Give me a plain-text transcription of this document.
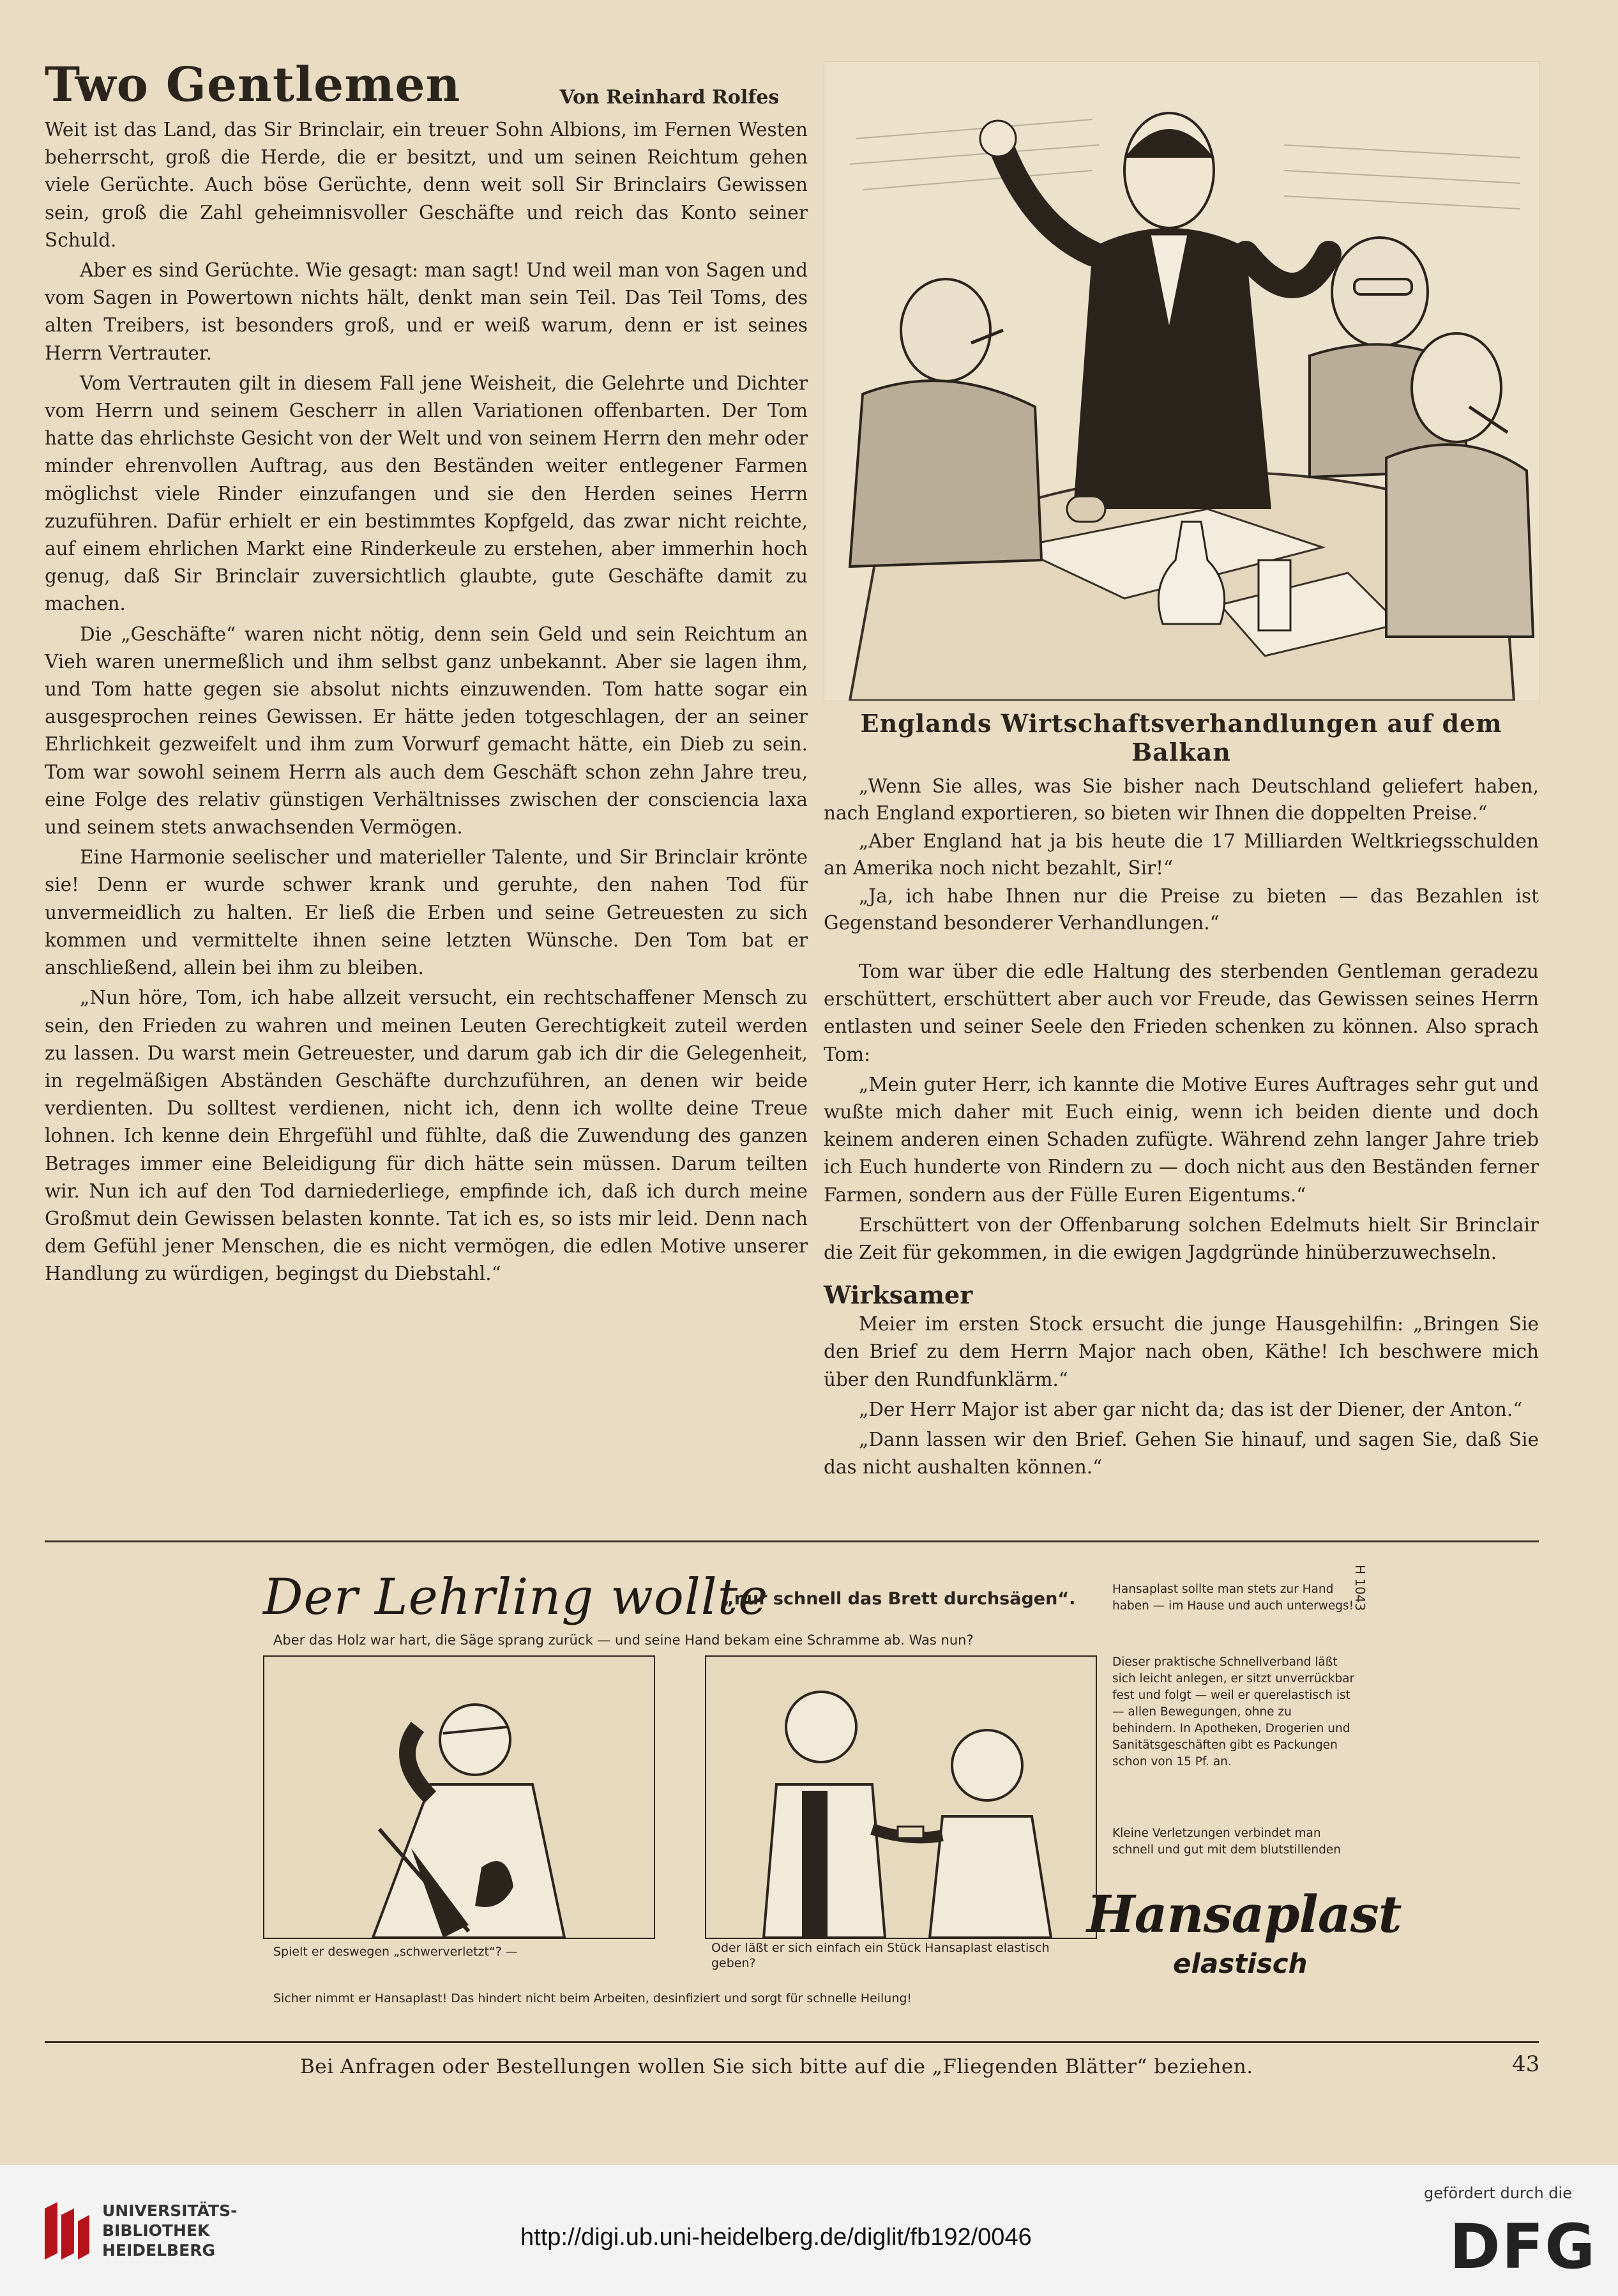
Two Gentlemen	Von Reinhard Rolfes

Weit ist das Land, das Sir Brinclair, ein treuer Sohn Albions, im Fernen Westen beherrscht, groß die Herde, die er besitzt, und um seinen Reichtum gehen viele Gerüchte. Auch böse Gerüchte, denn weit soll Sir Brinclairs Gewissen sein, groß die Zahl geheimnisvoller Geschäfte und reich das Konto seiner Schuld.

Aber es sind Gerüchte. Wie gesagt: man sagt! Und weil man von Sagen und vom Sagen in Powertown nichts hält, denkt man sein Teil. Das Teil Toms, des alten Treibers, ist besonders groß, und er weiß warum, denn er ist seines Herrn Vertrauter.

Vom Vertrauten gilt in diesem Fall jene Weisheit, die Gelehrte und Dichter vom Herrn und seinem Gescherr in allen Variationen offenbarten. Der Tom hatte das ehrlichste Gesicht von der Welt und von seinem Herrn den mehr oder minder ehrenvollen Auftrag, aus den Beständen weiter entlegener Farmen möglichst viele Rinder einzufangen und sie den Herden seines Herrn zuzuführen. Dafür erhielt er ein bestimmtes Kopfgeld, das zwar nicht reichte, auf einem ehrlichen Markt eine Rinderkeule zu erstehen, aber immerhin hoch genug, daß Sir Brinclair zuversichtlich glaubte, gute Geschäfte damit zu machen.

Die „Geschäfte“ waren nicht nötig, denn sein Geld und sein Reichtum an Vieh waren unermeßlich und ihm selbst ganz unbekannt. Aber sie lagen ihm, und Tom hatte gegen sie absolut nichts einzuwenden. Tom hatte sogar ein ausgesprochen reines Gewissen. Er hätte jeden totgeschlagen, der an seiner Ehrlichkeit gezweifelt und ihm zum Vorwurf gemacht hätte, ein Dieb zu sein. Tom war sowohl seinem Herrn als auch dem Geschäft schon zehn Jahre treu, eine Folge des relativ günstigen Verhältnisses zwischen der consciencia laxa und seinem stets anwachsenden Vermögen.

Eine Harmonie seelischer und materieller Talente, und Sir Brinclair krönte sie! Denn er wurde schwer krank und geruhte, den nahen Tod für unvermeidlich zu halten. Er ließ die Erben und seine Getreuesten zu sich kommen und vermittelte ihnen seine letzten Wünsche. Den Tom bat er anschließend, allein bei ihm zu bleiben.

„Nun höre, Tom, ich habe allzeit versucht, ein rechtschaffener Mensch zu sein, den Frieden zu wahren und meinen Leuten Gerechtigkeit zuteil werden zu lassen. Du warst mein Getreuester, und darum gab ich dir die Gelegenheit, in regelmäßigen Abständen Geschäfte durchzuführen, an denen wir beide verdienten. Du solltest verdienen, nicht ich, denn ich wollte deine Treue lohnen. Ich kenne dein Ehrgefühl und fühlte, daß die Zuwendung des ganzen Betrages immer eine Beleidigung für dich hätte sein müssen. Darum teilten wir. Nun ich auf den Tod darniederliege, empfinde ich, daß ich durch meine Großmut dein Gewissen belasten konnte. Tat ich es, so ists mir leid. Denn nach dem Gefühl jener Menschen, die es nicht vermögen, die edlen Motive unserer Handlung zu würdigen, begingst du Diebstahl.“

Englands Wirtschaftsverhandlungen auf dem Balkan

„Wenn Sie alles, was Sie bisher nach Deutschland geliefert haben, nach England exportieren, so bieten wir Ihnen die doppelten Preise.“

„Aber England hat ja bis heute die 17 Milliarden Weltkriegsschulden an Amerika noch nicht bezahlt, Sir!“

„Ja, ich habe Ihnen nur die Preise zu bieten — das Bezahlen ist Gegenstand besonderer Verhandlungen.“

Tom war über die edle Haltung des sterbenden Gentleman geradezu erschüttert, erschüttert aber auch vor Freude, das Gewissen seines Herrn entlasten und seiner Seele den Frieden schenken zu können. Also sprach Tom:

„Mein guter Herr, ich kannte die Motive Eures Auftrages sehr gut und wußte mich daher mit Euch einig, wenn ich beiden diente und doch keinem anderen einen Schaden zufügte. Während zehn langer Jahre trieb ich Euch hunderte von Rindern zu — doch nicht aus den Beständen ferner Farmen, sondern aus der Fülle Euren Eigentums.“

Erschüttert von der Offenbarung solchen Edelmuts hielt Sir Brinclair die Zeit für gekommen, in die ewigen Jagdgründe hinüberzuwechseln.

Wirksamer

Meier im ersten Stock ersucht die junge Hausgehilfin: „Bringen Sie den Brief zu dem Herrn Major nach oben, Käthe! Ich beschwere mich über den Rundfunklärm.“

„Der Herr Major ist aber gar nicht da; das ist der Diener, der Anton.“

„Dann lassen wir den Brief. Gehen Sie hinauf, und sagen Sie, daß Sie das nicht aushalten können.“

Der Lehrling wollte
„nur schnell das Brett durchsägen“.
Aber das Holz war hart, die Säge sprang zurück — und seine Hand bekam eine Schramme ab. Was nun?
Spielt er deswegen „schwerverletzt“? —	Oder läßt er sich einfach ein Stück Hansaplast elastisch geben?
Sicher nimmt er Hansaplast! Das hindert nicht beim Arbeiten, desinfiziert und sorgt für schnelle Heilung!
Hansaplast sollte man stets zur Hand haben — im Hause und auch unterwegs!
Dieser praktische Schnellverband läßt sich leicht anlegen, er sitzt unverrückbar fest und folgt — weil er querelastisch ist — allen Bewegungen, ohne zu behindern. In Apotheken, Drogerien und Sanitätsgeschäften gibt es Packungen schon von 15 Pf. an.
Kleine Verletzungen verbindet man schnell und gut mit dem blutstillenden
Hansaplast
elastisch
H 1043
Bei Anfragen oder Bestellungen wollen Sie sich bitte auf die „Fliegenden Blätter“ beziehen.	43
UNIVERSITÄTS-
BIBLIOTHEK
HEIDELBERG	http://digi.ub.uni-heidelberg.de/diglit/fb192/0046
gefördert durch die
DFG
